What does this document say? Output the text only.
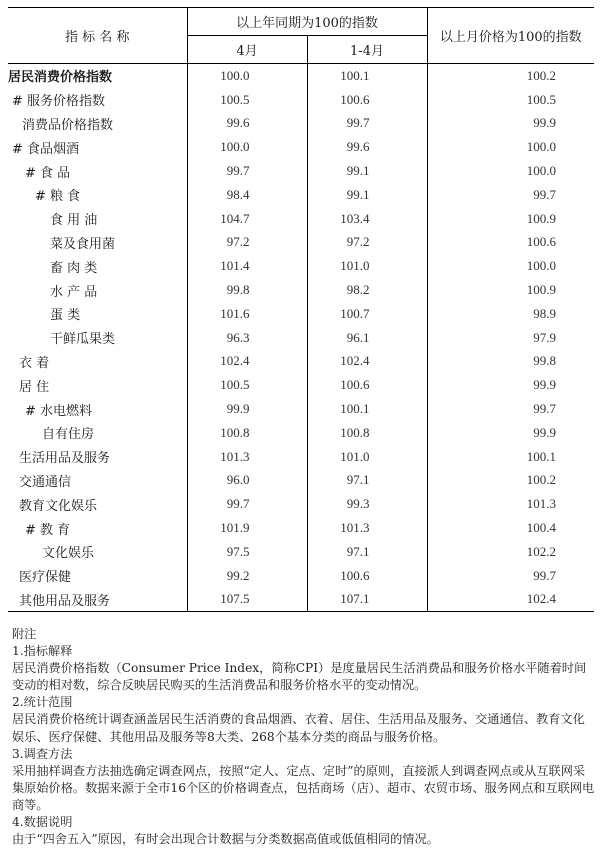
指 标 名 称	以上年同期为100的指数		以上月价格为100的指数
	4月	1-4月	
居民消费价格指数	100.0	100.1	100.2
# 服务价格指数	100.5	100.6	100.5
消费品价格指数	99.6	99.7	99.9
# 食品烟酒	100.0	99.6	100.0
# 食 品	99.7	99.1	100.0
# 粮 食	98.4	99.1	99.7
食 用 油	104.7	103.4	100.9
菜及食用菌	97.2	97.2	100.6
畜 肉 类	101.4	101.0	100.0
水 产 品	99.8	98.2	100.9
蛋 类	101.6	100.7	98.9
干鲜瓜果类	96.3	96.1	97.9
衣 着	102.4	102.4	99.8
居 住	100.5	100.6	99.9
# 水电燃料	99.9	100.1	99.7
自有住房	100.8	100.8	99.9
生活用品及服务	101.3	101.0	100.1
交通通信	96.0	97.1	100.2
教育文化娱乐	99.7	99.3	101.3
# 教 育	101.9	101.3	100.4
文化娱乐	97.5	97.1	102.2
医疗保健	99.2	100.6	99.7
其他用品及服务	107.5	107.1	102.4

附注

1.指标解释

居民消费价格指数（Consumer Price Index，简称CPI）是度量居民生活消费品和服务价格水平随着时间变动的相对数，综合反映居民购买的生活消费品和服务价格水平的变动情况。

2.统计范围

居民消费价格统计调查涵盖居民生活消费的食品烟酒、衣着、居住、生活用品及服务、交通通信、教育文化娱乐、医疗保健、其他用品及服务等8大类、268个基本分类的商品与服务价格。

3.调查方法

采用抽样调查方法抽选确定调查网点，按照“定人、定点、定时”的原则，直接派人到调查网点或从互联网采集原始价格。数据来源于全市16个区的价格调查点，包括商场（店）、超市、农贸市场、服务网点和互联网电商等。

4.数据说明

由于“四舍五入”原因，有时会出现合计数据与分类数据高值或低值相同的情况。
